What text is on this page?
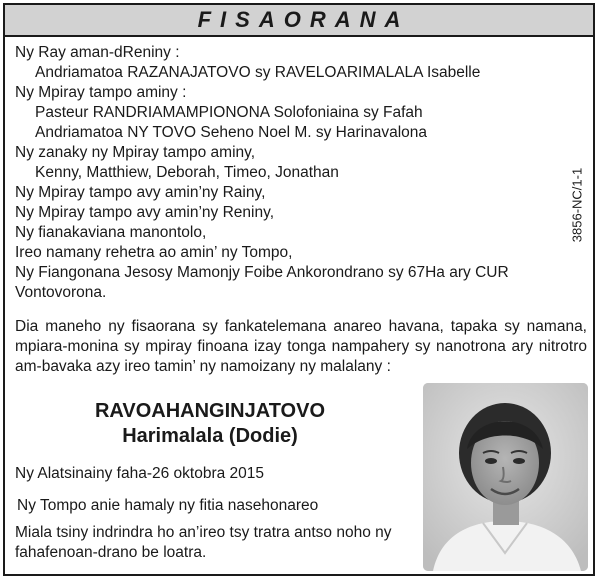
FISAORANA
Ny Ray aman-dReniny :
Andriamatoa RAZANAJATOVO sy RAVELOARIMALALA Isabelle
Ny Mpiray tampo aminy :
Pasteur RANDRIAMAMPIONONA Solofoniaina sy Fafah
Andriamatoa NY TOVO Seheno Noel M. sy Harinavalona
Ny zanaky ny Mpiray tampo aminy,
Kenny, Matthiew, Deborah, Timeo, Jonathan
Ny Mpiray tampo avy amin’ny Rainy,
Ny Mpiray tampo avy amin’ny Reniny,
Ny fianakaviana manontolo,
Ireo namany rehetra ao amin’ ny Tompo,
Ny Fiangonana Jesosy Mamonjy Foibe Ankorondrano sy 67Ha ary CUR
Vontovorona.
3856-NC/1-1
Dia maneho ny fisaorana sy fankatelemana anareo havana, tapaka sy namana, mpiara-monina sy mpiray finoana izay tonga nampahery sy nanotrona ary nitrotro am-bavaka azy ireo tamin’ ny namoizany ny malalany :
RAVOAHANGINJATOVO
Harimalala (Dodie)
Ny Alatsinainy faha-26 oktobra 2015
Ny Tompo anie hamaly ny fitia nasehonareo
Miala tsiny indrindra ho an’ireo tsy tratra antso noho ny fahafenoan-drano be loatra.
